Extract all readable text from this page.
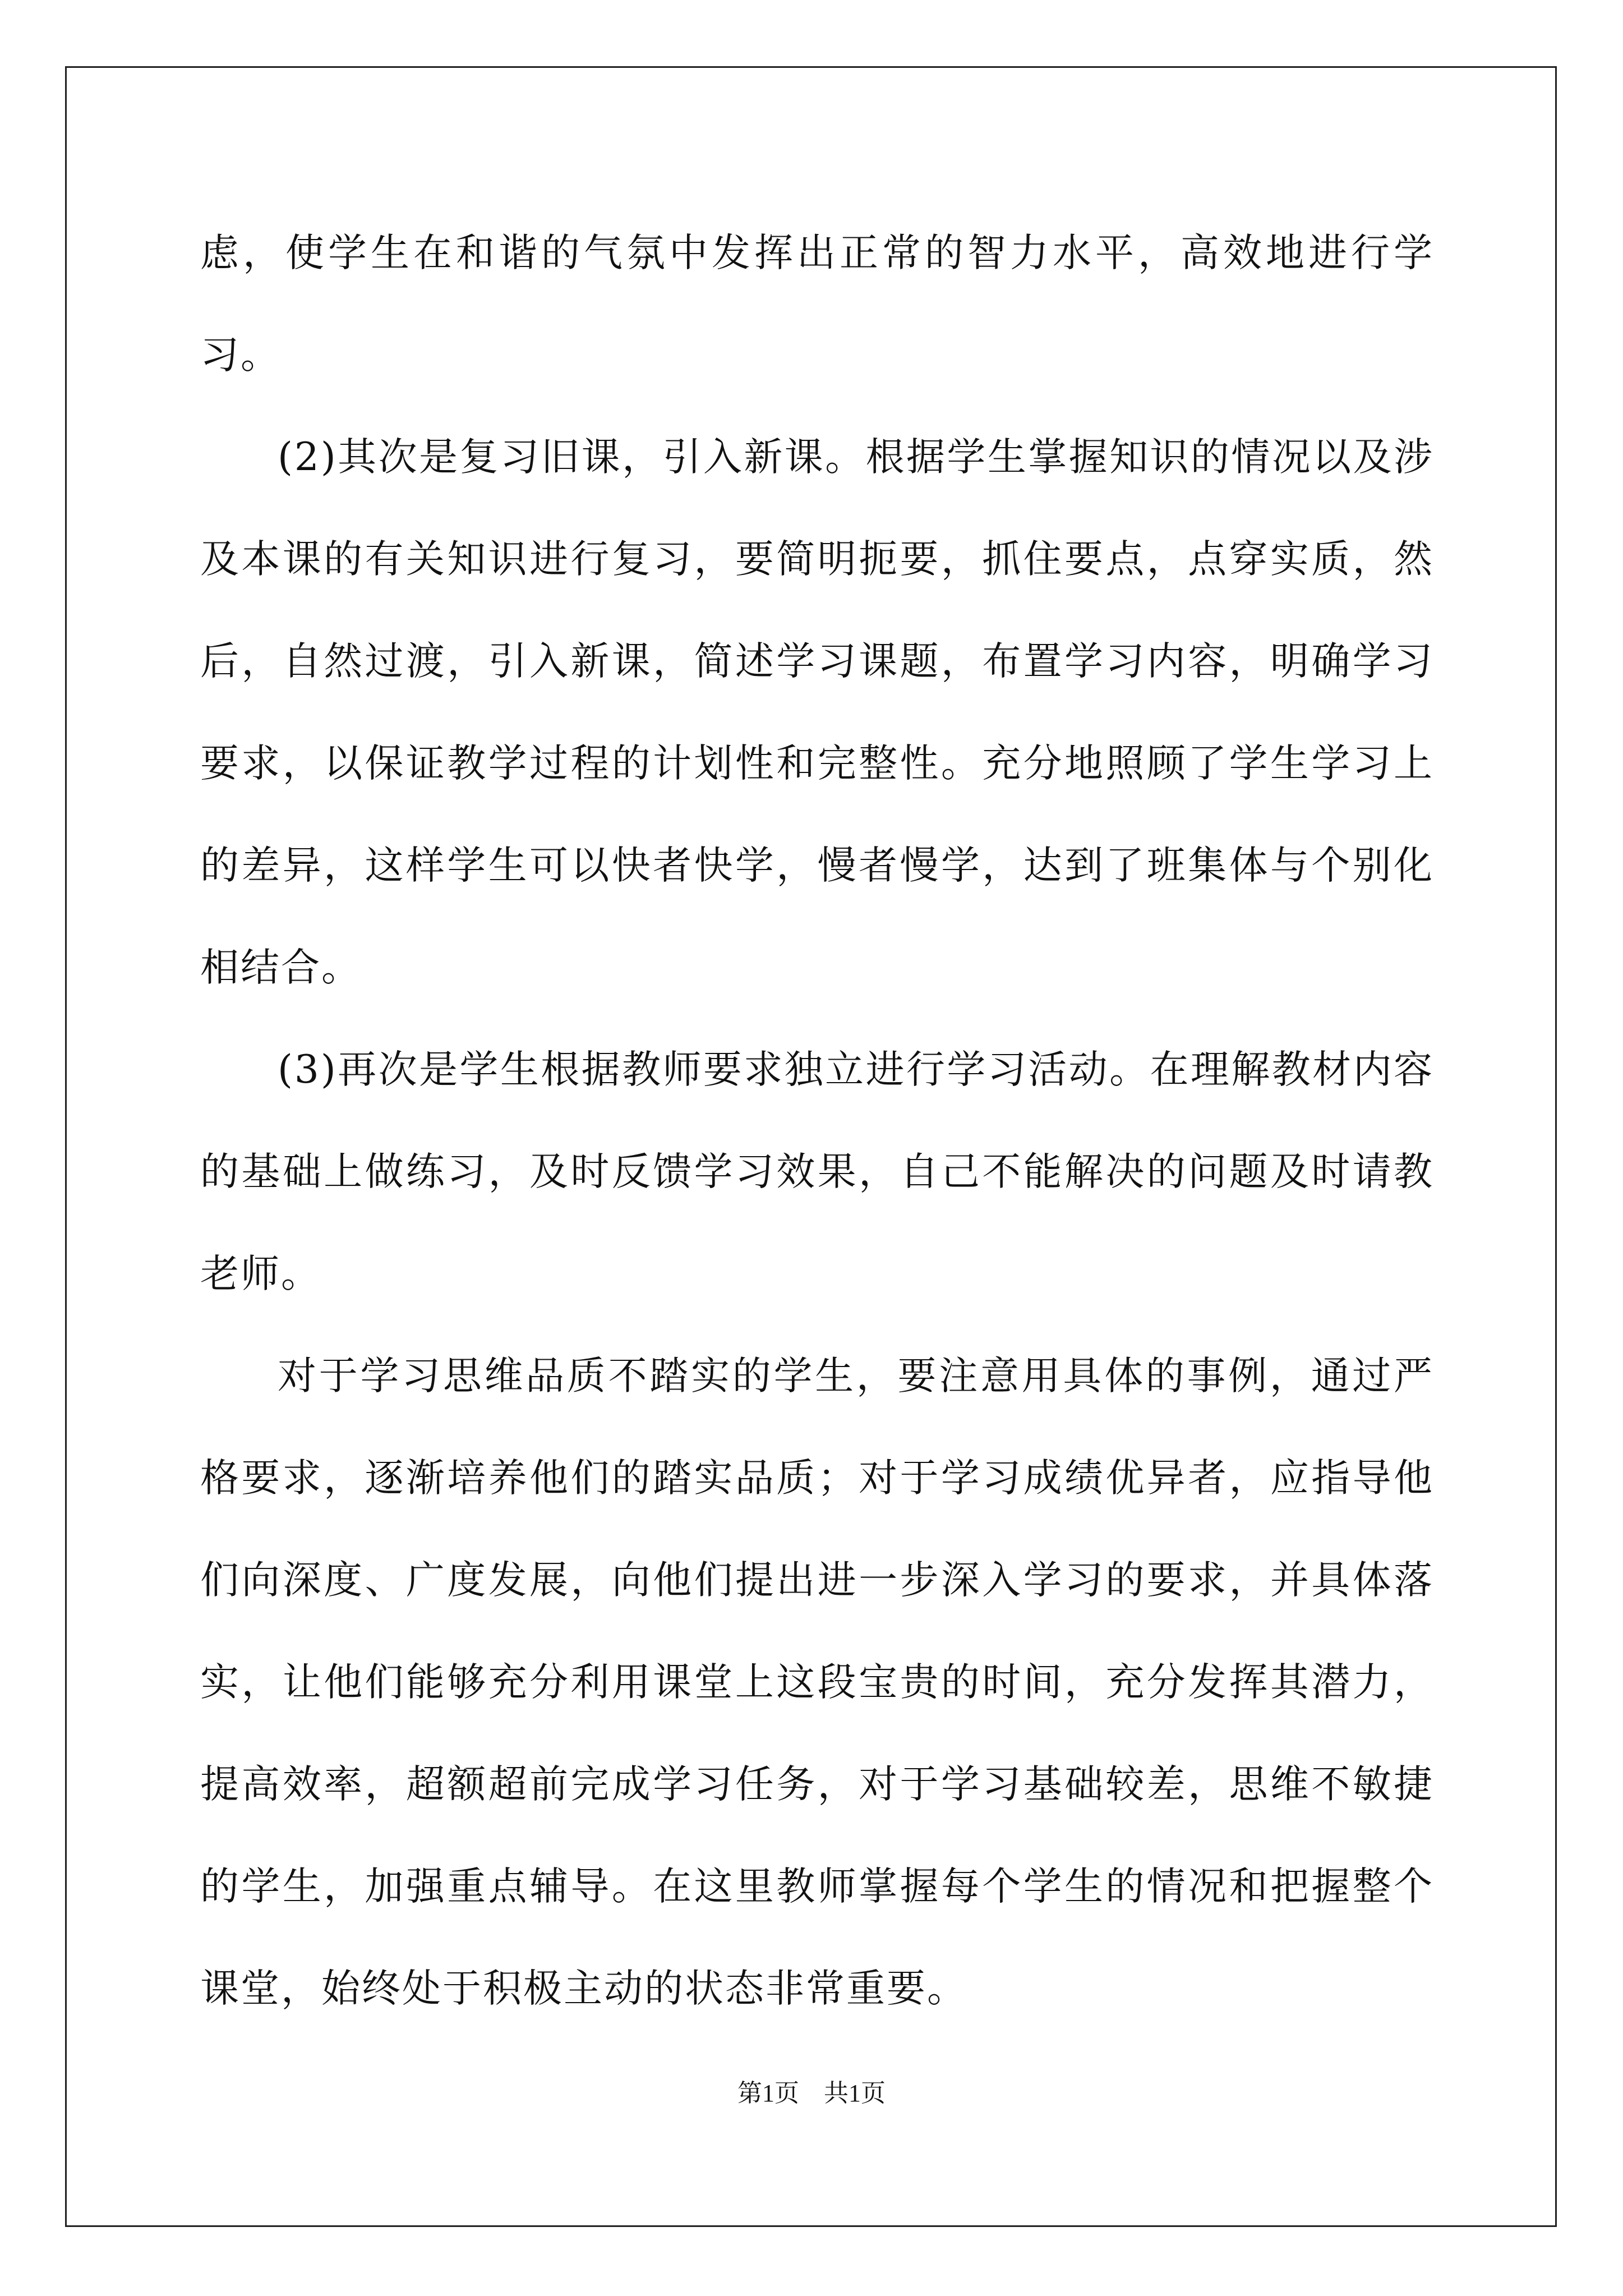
虑，使学生在和谐的气氛中发挥出正常的智力水平，高效地进行学习。

(2)其次是复习旧课，引入新课。根据学生掌握知识的情况以及涉及本课的有关知识进行复习，要简明扼要，抓住要点，点穿实质，然后，自然过渡，引入新课，简述学习课题，布置学习内容，明确学习要求，以保证教学过程的计划性和完整性。充分地照顾了学生学习上的差异，这样学生可以快者快学，慢者慢学，达到了班集体与个别化相结合。

(3)再次是学生根据教师要求独立进行学习活动。在理解教材内容的基础上做练习，及时反馈学习效果，自己不能解决的问题及时请教老师。

对于学习思维品质不踏实的学生，要注意用具体的事例，通过严格要求，逐渐培养他们的踏实品质；对于学习成绩优异者，应指导他们向深度、广度发展，向他们提出进一步深入学习的要求，并具体落实，让他们能够充分利用课堂上这段宝贵的时间，充分发挥其潜力，提高效率，超额超前完成学习任务，对于学习基础较差，思维不敏捷的学生，加强重点辅导。在这里教师掌握每个学生的情况和把握整个课堂，始终处于积极主动的状态非常重要。

第1页 共1页
